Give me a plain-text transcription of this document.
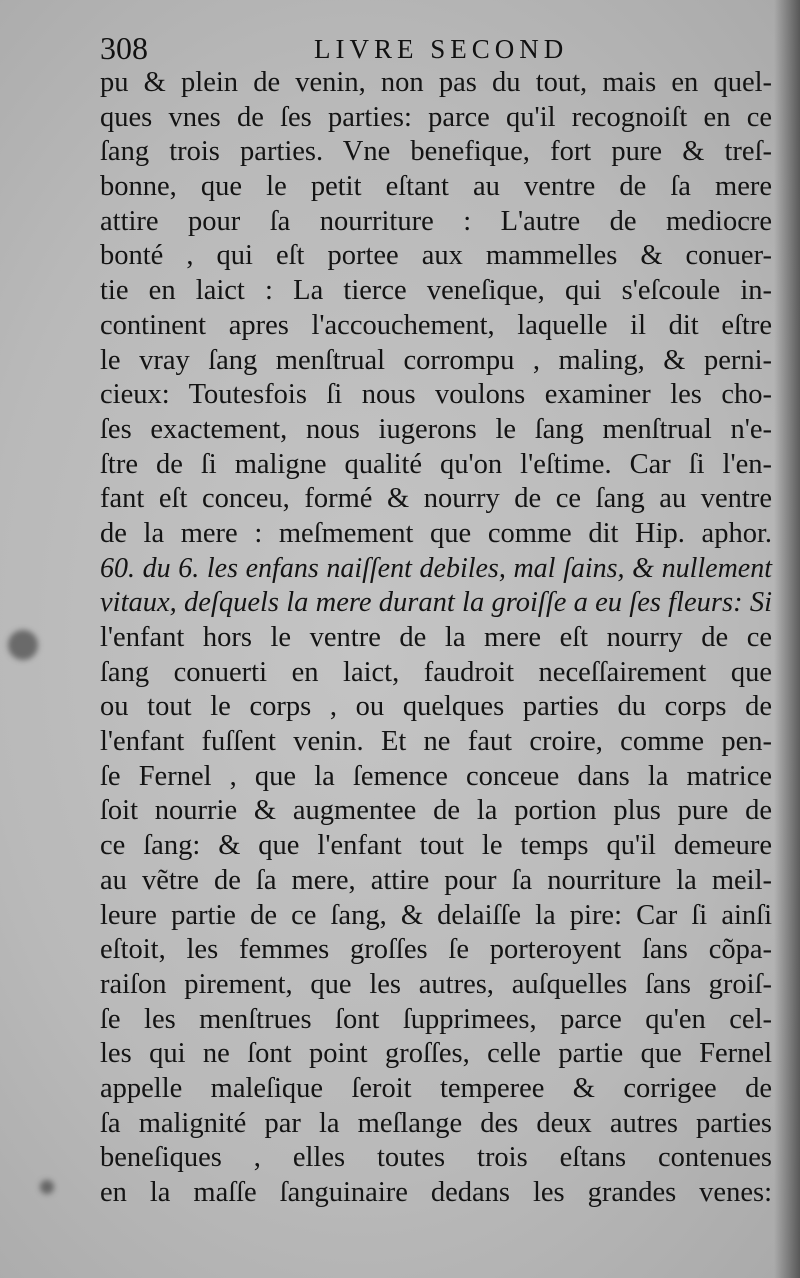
308	LIVRE SECOND
pu & plein de venin, non pas du tout, mais en quel-
ques vnes de ſes parties: parce qu'il recognoiſt en ce
ſang trois parties. Vne benefique, fort pure & treſ-
bonne, que le petit eſtant au ventre de ſa mere
attire pour ſa nourriture : L'autre de mediocre
bonté , qui eſt portee aux mammelles & conuer-
tie en laict : La tierce veneſique, qui s'eſcoule in-
continent apres l'accouchement, laquelle il dit eſtre
le vray ſang menſtrual corrompu , maling, & perni-
cieux: Toutesfois ſi nous voulons examiner les cho-
ſes exactement, nous iugerons le ſang menſtrual n'e-
ſtre de ſi maligne qualité qu'on l'eſtime. Car ſi l'en-
fant eſt conceu, formé & nourry de ce ſang au ventre
de la mere : meſmement que comme dit Hip. aphor.
60. du 6. les enfans naiſſent debiles, mal ſains, & nullement
vitaux, deſquels la mere durant la groiſſe a eu ſes fleurs: Si
l'enfant hors le ventre de la mere eſt nourry de ce
ſang conuerti en laict, faudroit neceſſairement que
ou tout le corps , ou quelques parties du corps de
l'enfant fuſſent venin. Et ne faut croire, comme pen-
ſe Fernel , que la ſemence conceue dans la matrice
ſoit nourrie & augmentee de la portion plus pure de
ce ſang: & que l'enfant tout le temps qu'il demeure
au vẽtre de ſa mere, attire pour ſa nourriture la meil-
leure partie de ce ſang, & delaiſſe la pire: Car ſi ainſi
eſtoit, les femmes groſſes ſe porteroyent ſans cõpa-
raiſon pirement, que les autres, auſquelles ſans groiſ-
ſe les menſtrues ſont ſupprimees, parce qu'en cel-
les qui ne ſont point groſſes, celle partie que Fernel
appelle maleſique ſeroit temperee & corrigee de
ſa malignité par la meſlange des deux autres parties
beneſiques , elles toutes trois eſtans contenues
en la maſſe ſanguinaire dedans les grandes venes:
